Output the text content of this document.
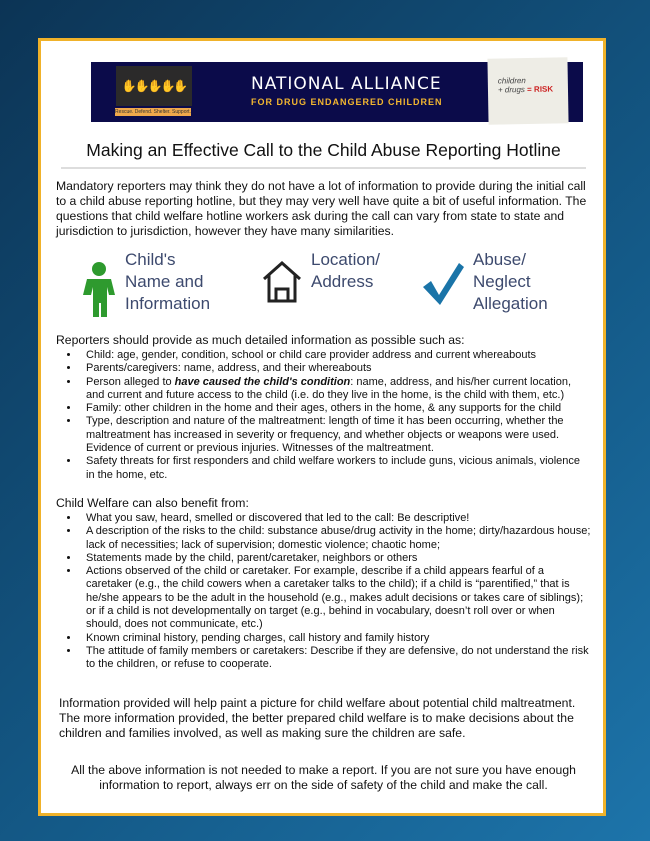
✋✋✋✋✋
Rescue. Defend. Shelter. Support.
NATIONAL ALLIANCE
FOR DRUG ENDANGERED CHILDREN
children
+ drugs = RISK
Making an Effective Call to the Child Abuse Reporting Hotline
Mandatory reporters may think they do not have a lot of information to provide during the initial call to a child abuse reporting hotline, but they may very well have quite a bit of useful information. The questions that child welfare hotline workers ask during the call can vary from state to state and jurisdiction to jurisdiction, however they have many similarities.
Child's
Name and
Information
Location/
Address
Abuse/
Neglect
Allegation
Reporters should provide as much detailed information as possible such as:
• Child: age, gender, condition, school or child care provider address and current whereabouts
• Parents/caregivers: name, address, and their whereabouts
• Person alleged to have caused the child's condition: name, address, and his/her current location, and current and future access to the child (i.e. do they live in the home, is the child with them, etc.)
• Family: other children in the home and their ages, others in the home, & any supports for the child
• Type, description and nature of the maltreatment: length of time it has been occurring, whether the maltreatment has increased in severity or frequency, and whether objects or weapons were used. Evidence of current or previous injuries. Witnesses of the maltreatment.
• Safety threats for first responders and child welfare workers to include guns, vicious animals, violence in the home, etc.
Child Welfare can also benefit from:
• What you saw, heard, smelled or discovered that led to the call: Be descriptive!
• A description of the risks to the child: substance abuse/drug activity in the home; dirty/hazardous house; lack of necessities; lack of supervision; domestic violence; chaotic home;
• Statements made by the child, parent/caretaker, neighbors or others
• Actions observed of the child or caretaker. For example, describe if a child appears fearful of a caretaker (e.g., the child cowers when a caretaker talks to the child); if a child is “parentified,” that is he/she appears to be the adult in the household (e.g., makes adult decisions or takes care of siblings); or if a child is not developmentally on target (e.g., behind in vocabulary, doesn’t roll over or when should, does not communicate, etc.)
• Known criminal history, pending charges, call history and family history
• The attitude of family members or caretakers: Describe if they are defensive, do not understand the risk to the children, or refuse to cooperate.
Information provided will help paint a picture for child welfare about potential child maltreatment. The more information provided, the better prepared child welfare is to make decisions about the children and families involved, as well as making sure the children are safe.
All the above information is not needed to make a report. If you are not sure you have enough information to report, always err on the side of safety of the child and make the call.
